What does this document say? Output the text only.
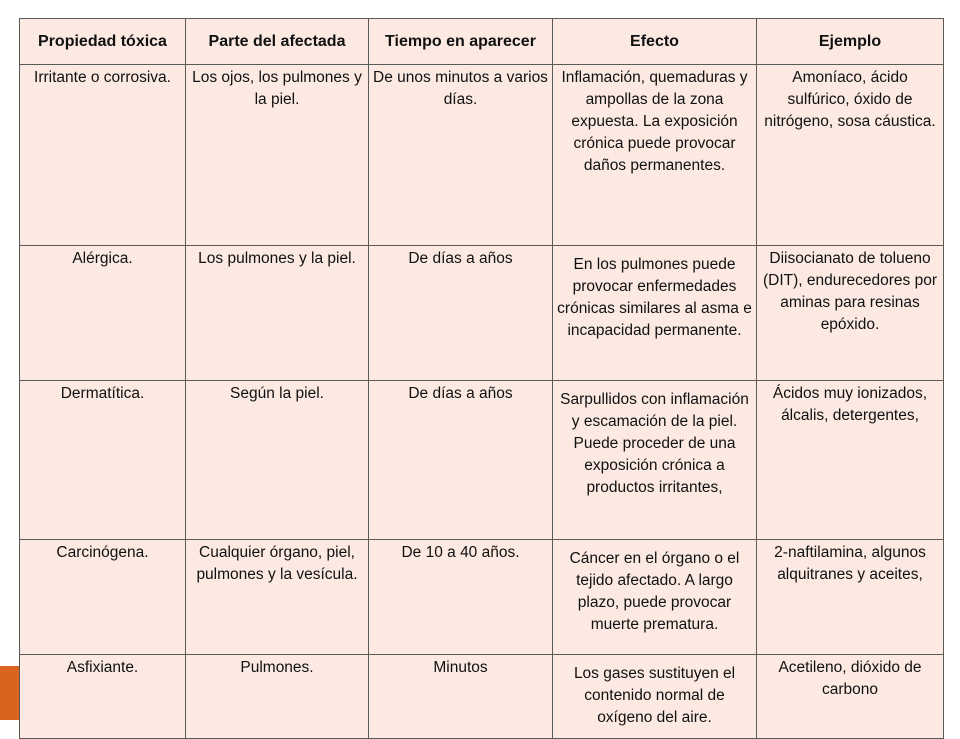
Propiedad tóxica	Parte del afectada	Tiempo en aparecer	Efecto	Ejemplo
Irritante o corrosiva.	Los ojos, los pulmones y la piel.	De unos minutos a varios días.	Inflamación, quemaduras y ampollas de la zona expuesta. La exposición crónica puede provocar daños permanentes.	Amoníaco, ácido sulfúrico, óxido de nitrógeno, sosa cáustica.
Alérgica.	Los pulmones y la piel.	De días a años	En los pulmones puede provocar enfermedades crónicas similares al asma e incapacidad permanente.	Diisocianato de tolueno (DIT), endurecedores por aminas para resinas epóxido.
Dermatítica.	Según la piel.	De días a años	Sarpullidos con inflamación y escamación de la piel. Puede proceder de una exposición crónica a productos irritantes,	Ácidos muy ionizados, álcalis, detergentes,
Carcinógena.	Cualquier órgano, piel, pulmones y la vesícula.	De 10 a 40 años.	Cáncer en el órgano o el tejido afectado. A largo plazo, puede provocar muerte prematura.	2-naftilamina, algunos alquitranes y aceites,
Asfixiante.	Pulmones.	Minutos	Los gases sustituyen el contenido normal de oxígeno del aire.	Acetileno, dióxido de carbono
